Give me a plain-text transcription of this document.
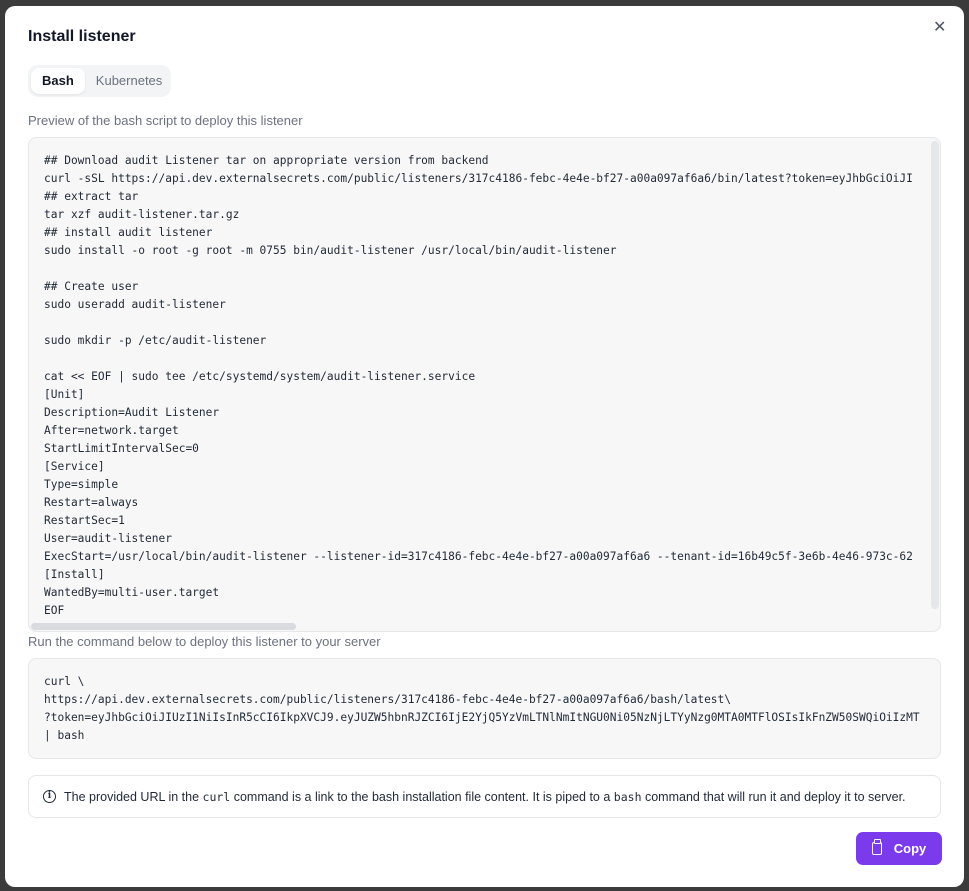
Install listener
✕
Bash	Kubernetes
Preview of the bash script to deploy this listener
## Download audit Listener tar on appropriate version from backend
curl -sSL https://api.dev.externalsecrets.com/public/listeners/317c4186-febc-4e4e-bf27-a00a097af6a6/bin/latest?token=eyJhbGciOiJI
## extract tar
tar xzf audit-listener.tar.gz
## install audit listener
sudo install -o root -g root -m 0755 bin/audit-listener /usr/local/bin/audit-listener
## Create user
sudo useradd audit-listener
sudo mkdir -p /etc/audit-listener
cat << EOF | sudo tee /etc/systemd/system/audit-listener.service
[Unit]
Description=Audit Listener
After=network.target
StartLimitIntervalSec=0
[Service]
Type=simple
Restart=always
RestartSec=1
User=audit-listener
ExecStart=/usr/local/bin/audit-listener --listener-id=317c4186-febc-4e4e-bf27-a00a097af6a6 --tenant-id=16b49c5f-3e6b-4e46-973c-62
[Install]
WantedBy=multi-user.target
EOF
Run the command below to deploy this listener to your server
curl \
https://api.dev.externalsecrets.com/public/listeners/317c4186-febc-4e4e-bf27-a00a097af6a6/bash/latest\
?token=eyJhbGciOiJIUzI1NiIsInR5cCI6IkpXVCJ9.eyJUZW5hbnRJZCI6IjE2YjQ5YzVmLTNlNmItNGU0Ni05NzNjLTYyNzg0MTA0MTFlOSIsIkFnZW50SWQiOiIzMT
| bash
i	The provided URL in the curl command is a link to the bash installation file content. It is piped to a bash command that will run it and deploy it to server.
Copy
